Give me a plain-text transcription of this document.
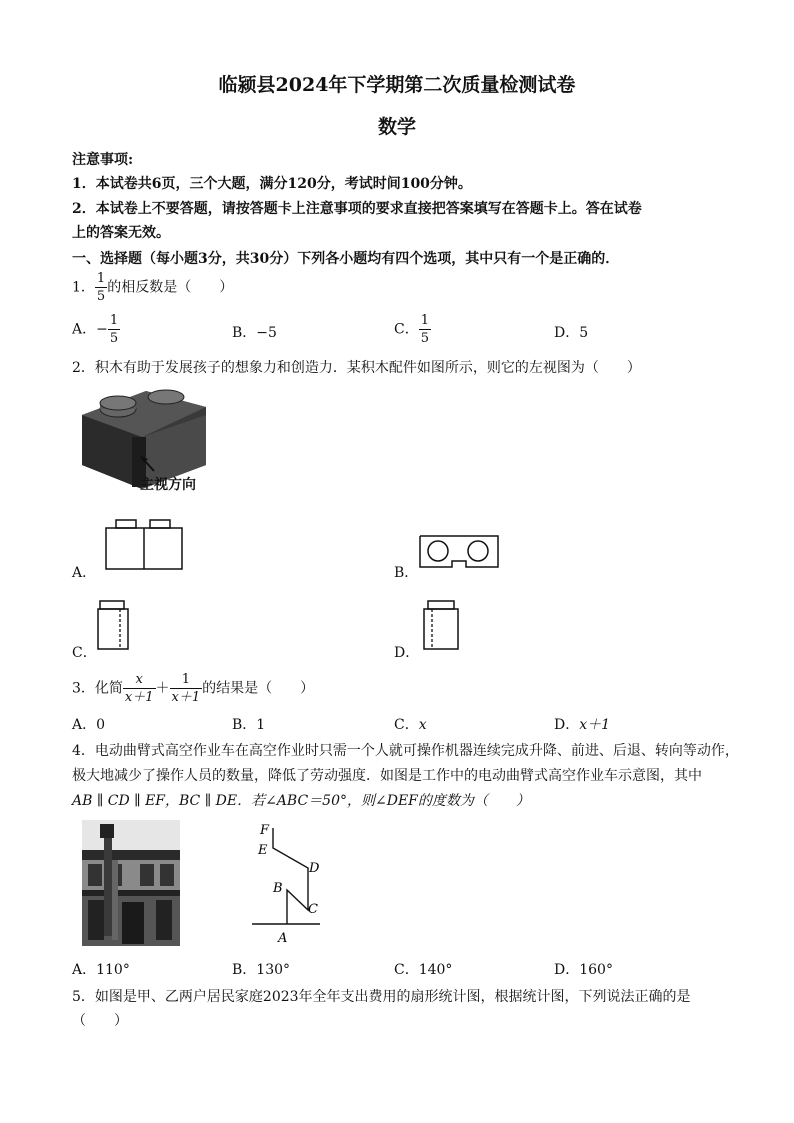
临颍县2024年下学期第二次质量检测试卷
数学
注意事项:
1．本试卷共6页，三个大题，满分120分，考试时间100分钟。
2．本试卷上不要答题，请按答题卡上注意事项的要求直接把答案填写在答题卡上。答在试卷
上的答案无效。
一、选择题（每小题3分，共30分）下列各小题均有四个选项，其中只有一个是正确的．
1． $\frac{1}{5}$ 的相反数是（　　）
A．− $\frac{1}{5}$	B．−5	C． $\frac{1}{5}$	D．5
2．积木有助于发展孩子的想象力和创造力．某积木配件如图所示，则它的左视图为（　　）
主视方向
A．	B．
C．	D．
3．化简 $\frac{x}{x+1} + \frac{1}{x+1}$ 的结果是（　　）
A．0	B．1	C．x	D．x＋1
4．电动曲臂式高空作业车在高空作业时只需一个人就可操作机器连续完成升降、前进、后退、转向等动作，
极大地减少了操作人员的数量，降低了劳动强度．如图是工作中的电动曲臂式高空作业车示意图，其中
AB ∥ CD ∥ EF，BC ∥ DE．若∠ABC＝50°，则∠DEF的度数为（　　）
F
E
D
B
C
A
A．110°	B．130°	C．140°	D．160°
5．如图是甲、乙两户居民家庭2023年全年支出费用的扇形统计图，根据统计图，下列说法正确的是
（　　）
